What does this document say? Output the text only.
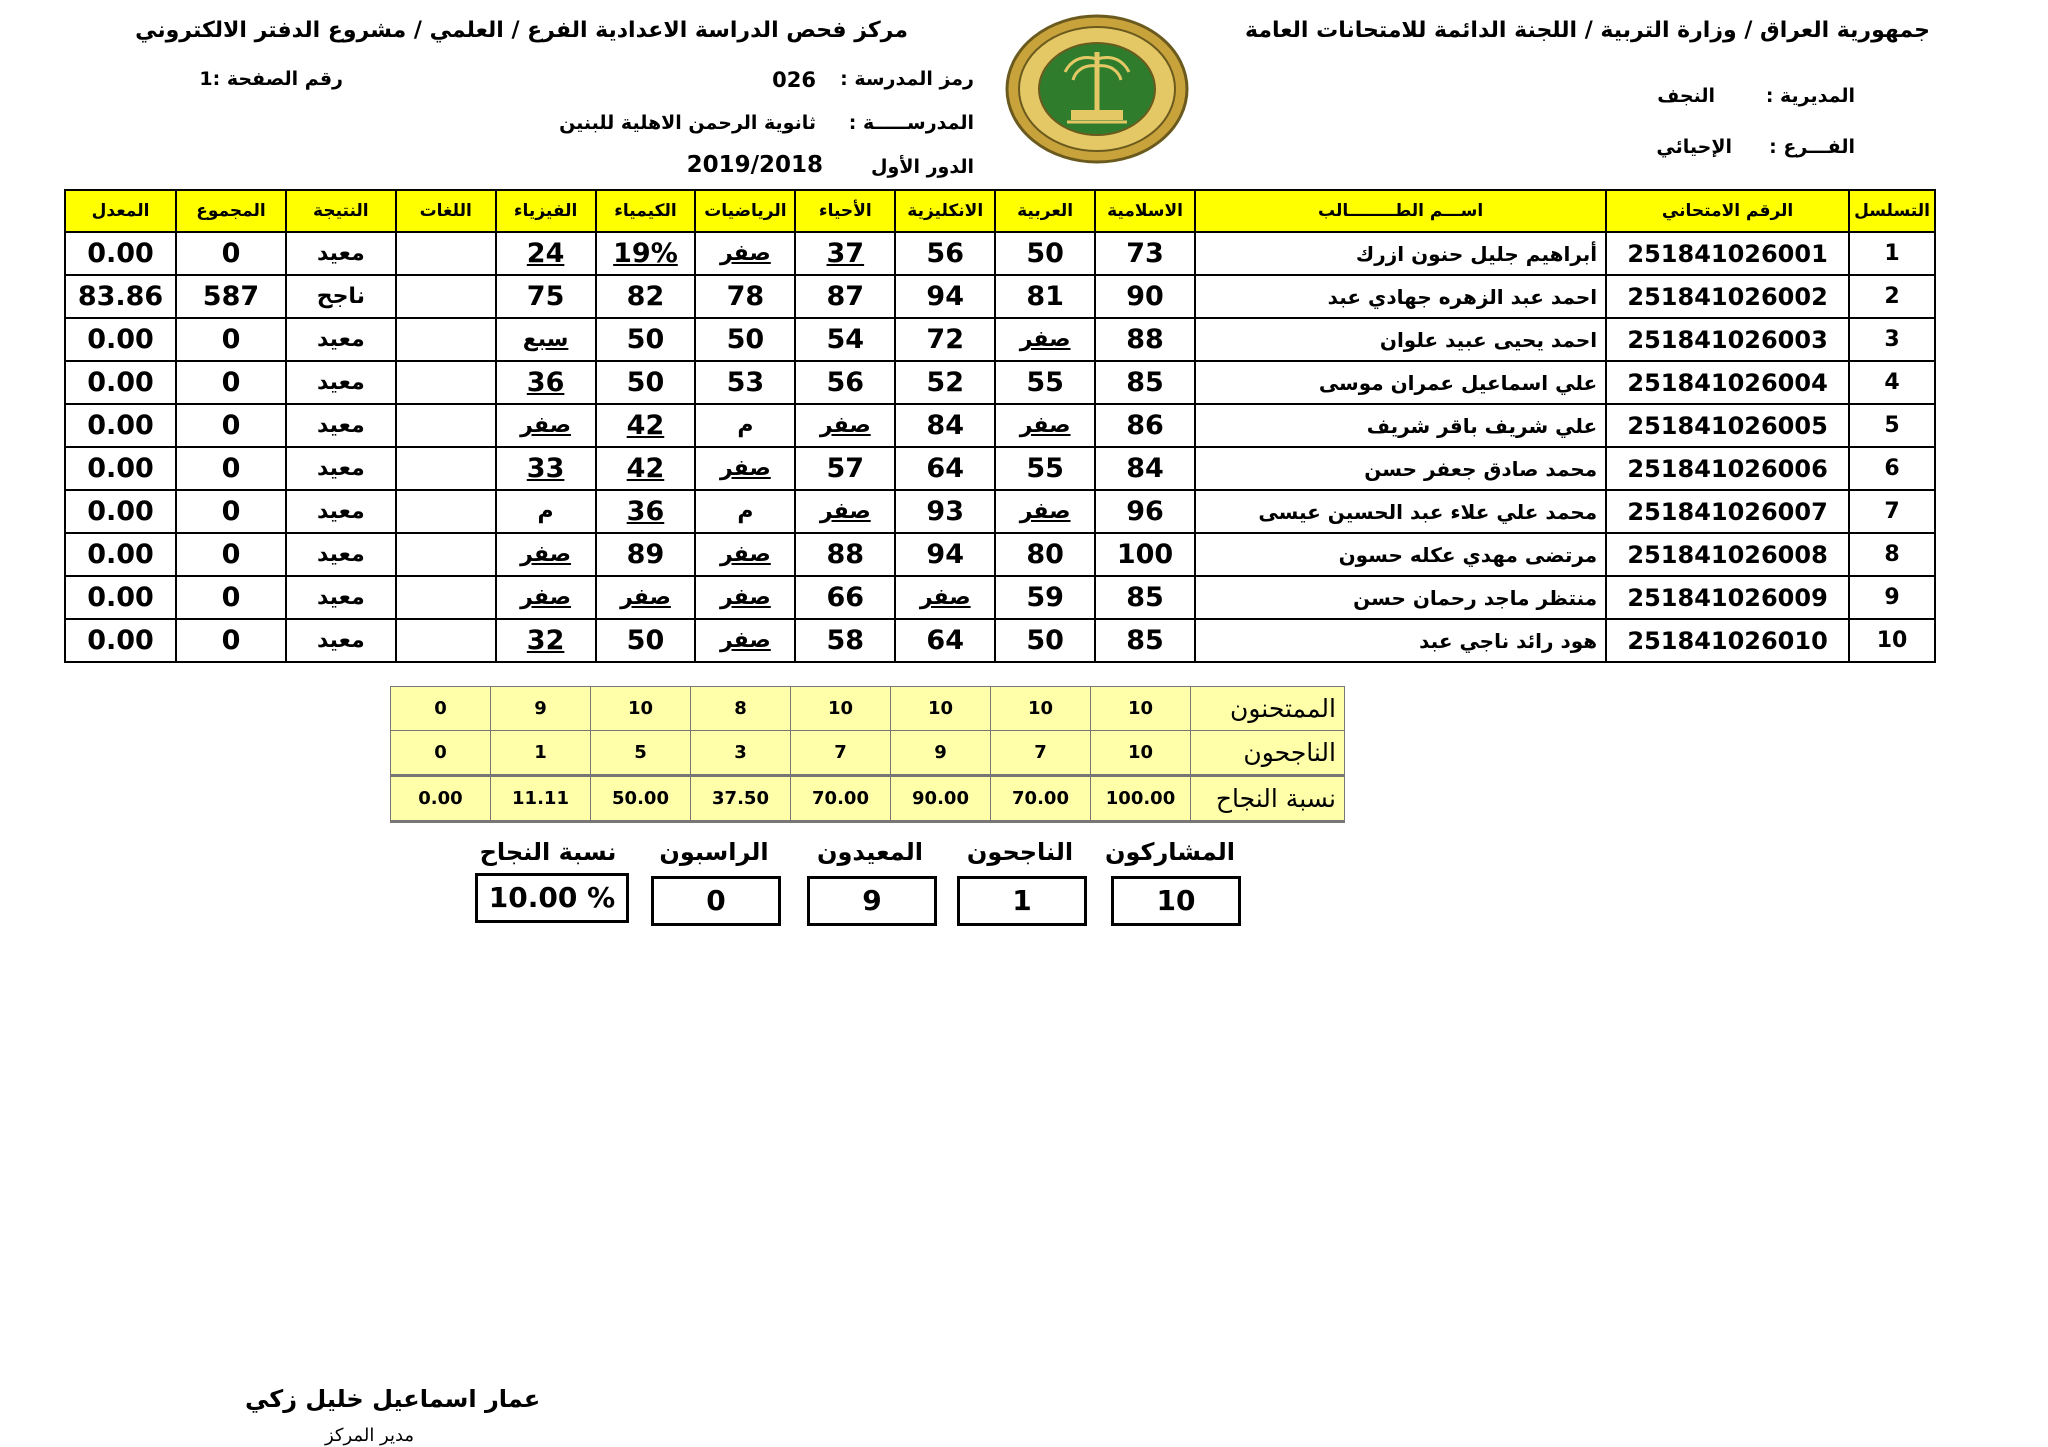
جمهورية العراق / وزارة التربية / اللجنة الدائمة للامتحانات العامة
مركز فحص الدراسة الاعدادية الفرع / العلمي / مشروع الدفتر الالكتروني
المديرية :
النجف
الفـــرع :
الإحيائي
رمز المدرسة :
026
المدرســـــة :
ثانوية الرحمن الاهلية للبنين
الدور الأول
2019/2018
رقم الصفحة :1
التسلسل	الرقم الامتحاني	اســـم الطــــــــالب	الاسلامية	العربية	الانكليزية	الأحياء	الرياضيات	الكيمياء	الفيزياء	اللغات	النتيجة	المجموع	المعدل
1	251841026001	أبراهيم جليل حنون ازرك	73	50	56	37	صفر	19%	24		معيد	0	0.00
2	251841026002	احمد عبد الزهره جهادي عبد	90	81	94	87	78	82	75		ناجح	587	83.86
3	251841026003	احمد يحيى عبيد علوان	88	صفر	72	54	50	50	سبع		معيد	0	0.00
4	251841026004	علي اسماعيل عمران موسى	85	55	52	56	53	50	36		معيد	0	0.00
5	251841026005	علي شريف باقر شريف	86	صفر	84	صفر	م	42	صفر		معيد	0	0.00
6	251841026006	محمد صادق جعفر حسن	84	55	64	57	صفر	42	33		معيد	0	0.00
7	251841026007	محمد علي علاء عبد الحسين عيسى	96	صفر	93	صفر	م	36	م		معيد	0	0.00
8	251841026008	مرتضى مهدي عكله حسون	100	80	94	88	صفر	89	صفر		معيد	0	0.00
9	251841026009	منتظر ماجد رحمان حسن	85	59	صفر	66	صفر	صفر	صفر		معيد	0	0.00
10	251841026010	هود رائد ناجي عبد	85	50	64	58	صفر	50	32		معيد	0	0.00
الممتحنون	10	10	10	10	8	10	9	0
الناجحون	10	7	9	7	3	5	1	0
نسبة النجاح	100.00	70.00	90.00	70.00	37.50	50.00	11.11	0.00
المشاركون
10
الناجحون
1
المعيدون
9
الراسبون
0
نسبة النجاح
% 10.00
عمار اسماعيل خليل زكي
مدير المركز
